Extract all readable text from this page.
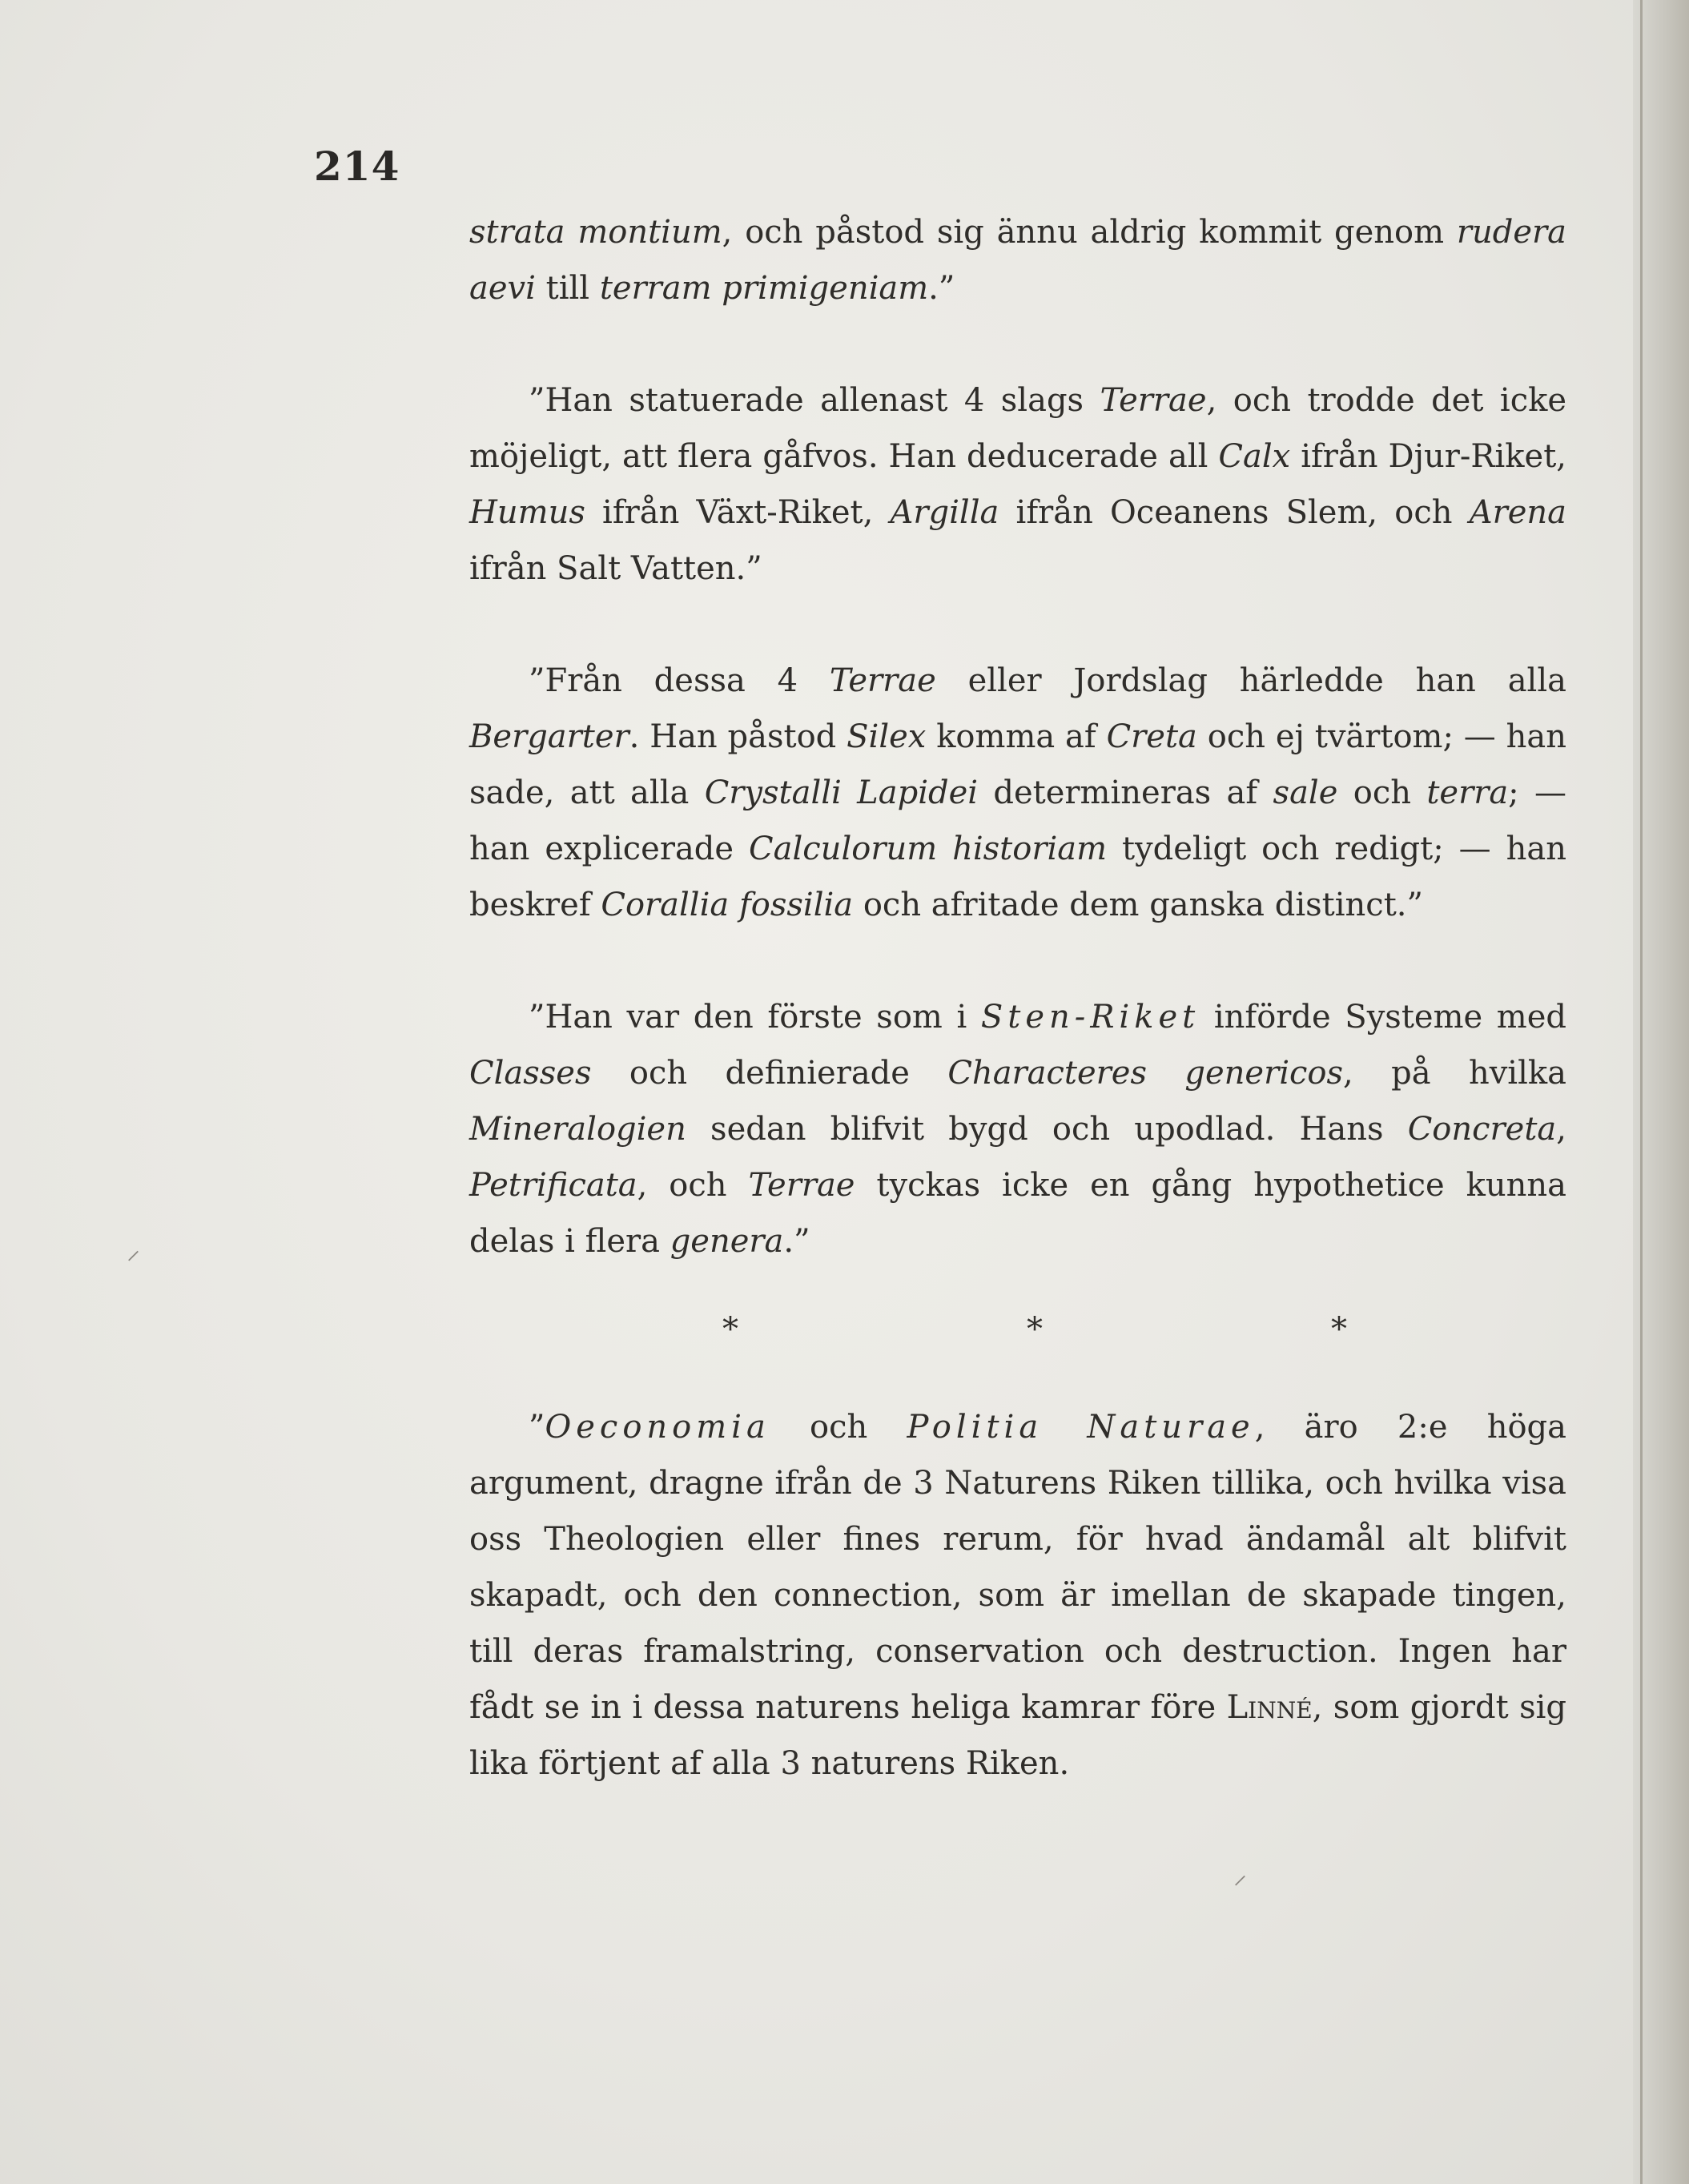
214

strata montium, och påstod sig ännu aldrig kommit genom rudera aevi till terram primigeniam.”

”Han statuerade allenast 4 slags Terrae, och trodde det icke möjeligt, att flera gåfvos. Han deducerade all Calx ifrån Djur-Riket, Humus ifrån Växt-Riket, Argilla ifrån Oceanens Slem, och Arena ifrån Salt Vatten.”

”Från dessa 4 Terrae eller Jordslag härledde han alla Bergarter. Han påstod Silex komma af Creta och ej tvärtom; — han sade, att alla Crystalli Lapidei determineras af sale och terra; — han explicerade Calculorum historiam tydeligt och redigt; — han beskref Corallia fossilia och afritade dem ganska distinct.”

”Han var den förste som i Sten-Riket införde Systeme med Classes och definierade Characteres genericos, på hvilka Mineralogien sedan blifvit bygd och upodlad. Hans Concreta, Petrificata, och Terrae tyckas icke en gång hypothetice kunna delas i flera genera.”

*	*	*

”Oeconomia och Politia Naturae, äro 2:e höga argument, dragne ifrån de 3 Naturens Riken tillika, och hvilka visa oss Theologien eller fines rerum, för hvad ändamål alt blifvit skapadt, och den connection, som är imellan de skapade tingen, till deras framalstring, conservation och destruction. Ingen har fådt se in i dessa naturens heliga kamrar före Linné, som gjordt sig lika förtjent af alla 3 naturens Riken.

⸍
⸍
